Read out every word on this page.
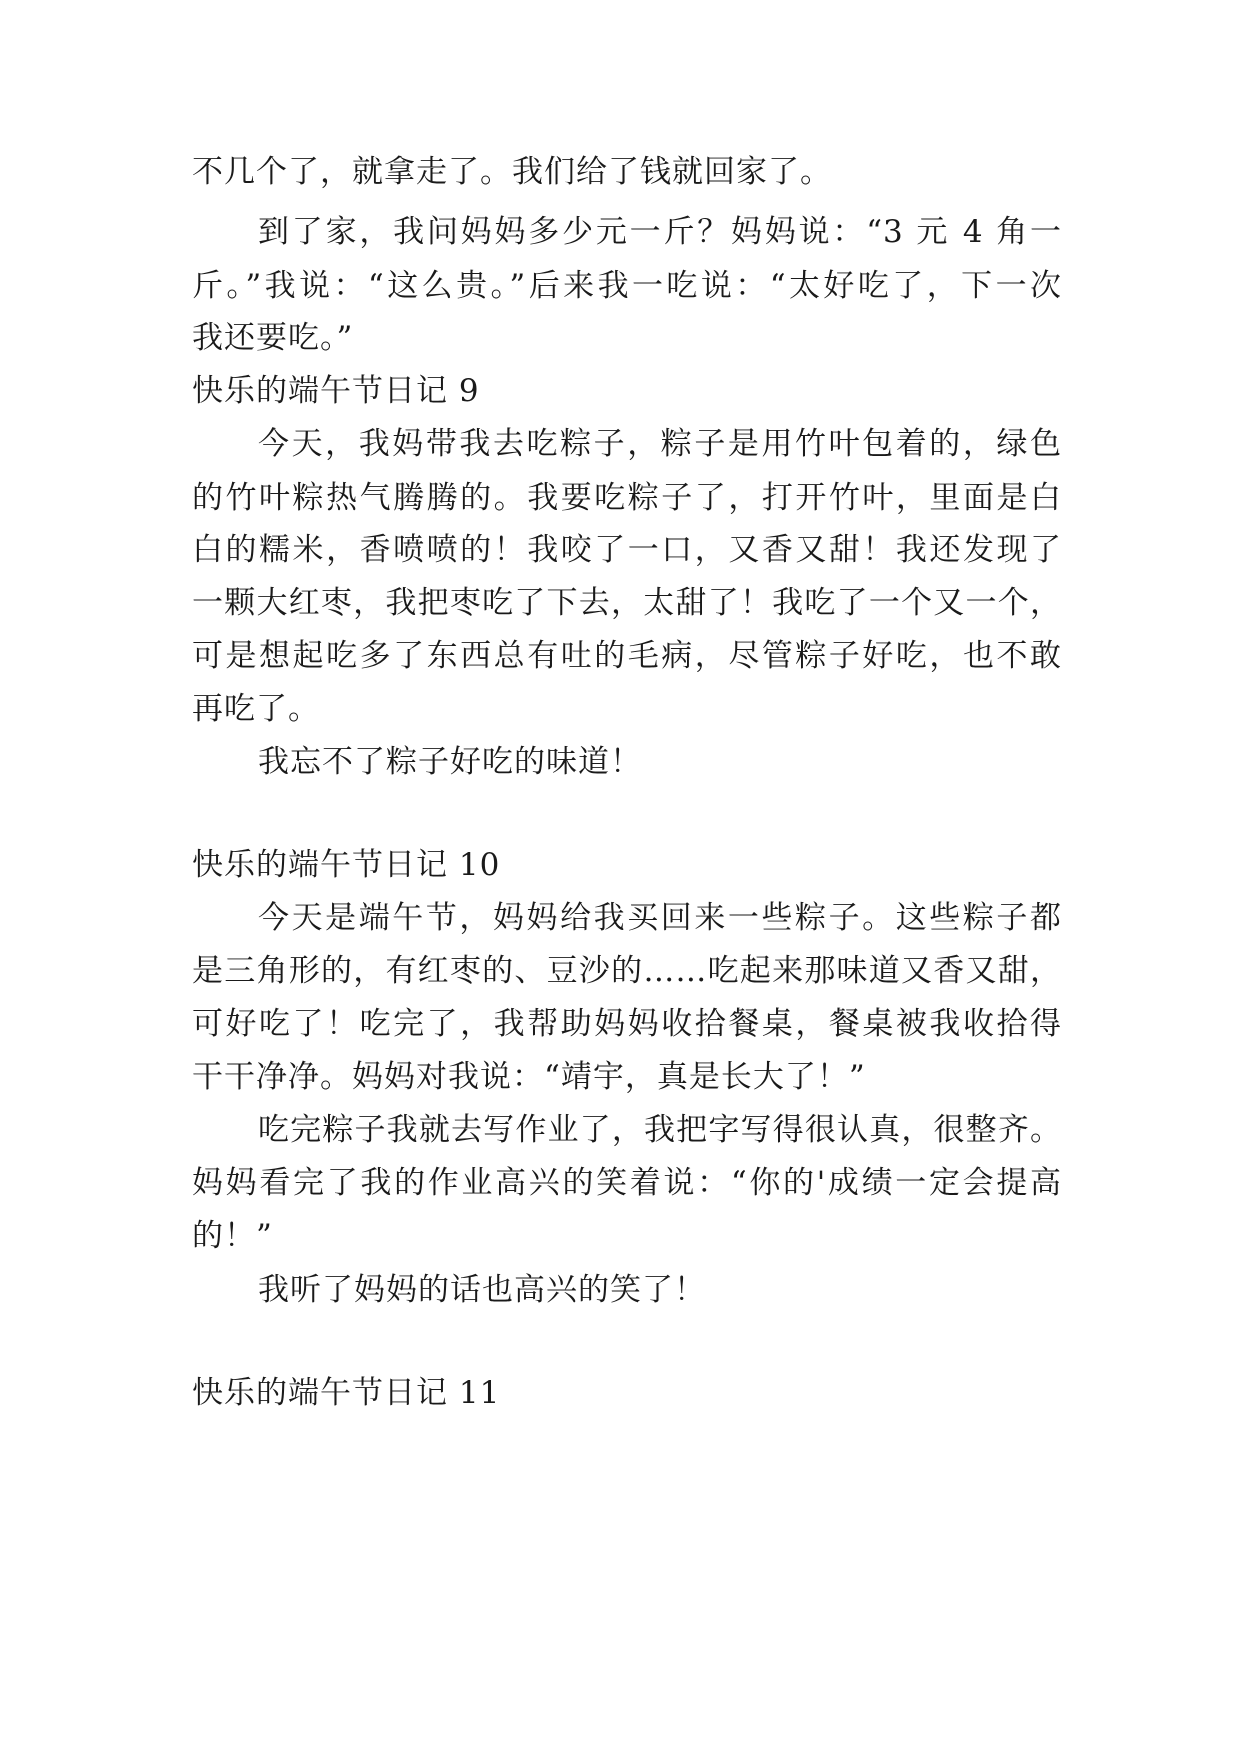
不几个了，就拿走了。我们给了钱就回家了。
到了家，我问妈妈多少元一斤？妈妈说：“3 元 4 角一
斤。”我说：“这么贵。”后来我一吃说：“太好吃了，下一次
我还要吃。”
快乐的端午节日记 9
今天，我妈带我去吃粽子，粽子是用竹叶包着的，绿色
的竹叶粽热气腾腾的。我要吃粽子了，打开竹叶，里面是白
白的糯米，香喷喷的！我咬了一口，又香又甜！我还发现了
一颗大红枣，我把枣吃了下去，太甜了！我吃了一个又一个，
可是想起吃多了东西总有吐的毛病，尽管粽子好吃，也不敢
再吃了。
我忘不了粽子好吃的味道！
快乐的端午节日记 10
今天是端午节，妈妈给我买回来一些粽子。这些粽子都
是三角形的，有红枣的、豆沙的……吃起来那味道又香又甜，
可好吃了！吃完了，我帮助妈妈收拾餐桌，餐桌被我收拾得
干干净净。妈妈对我说：“靖宇，真是长大了！”
吃完粽子我就去写作业了，我把字写得很认真，很整齐。
妈妈看完了我的作业高兴的笑着说：“你的'成绩一定会提高
的！”
我听了妈妈的话也高兴的笑了！
快乐的端午节日记 11
